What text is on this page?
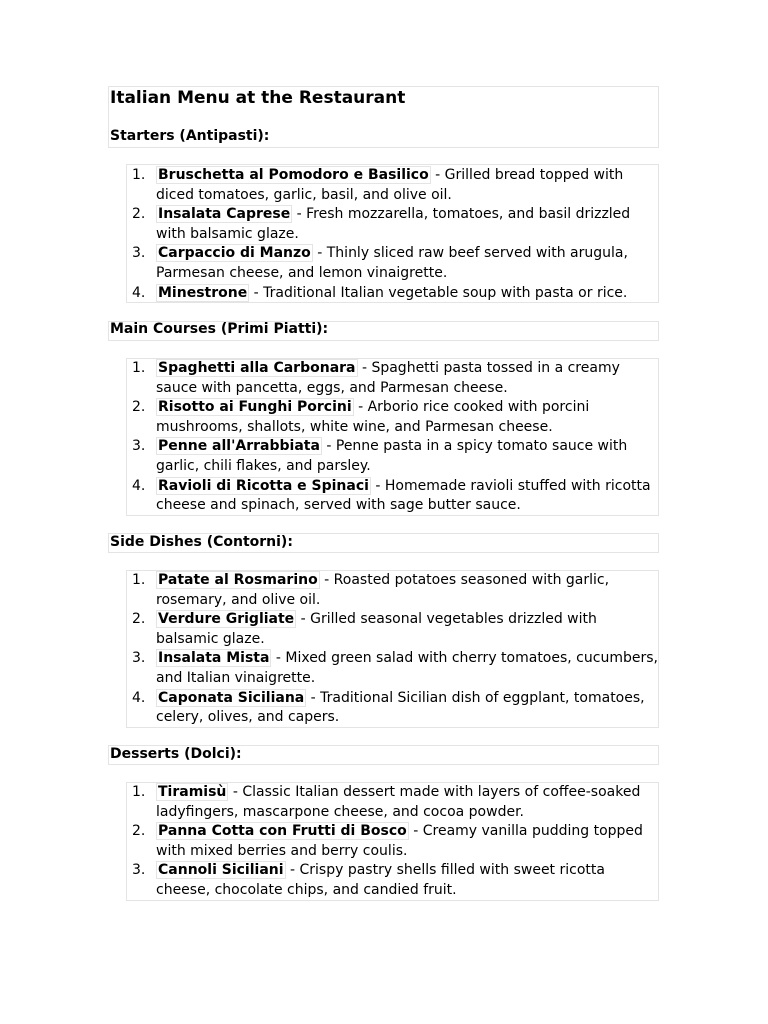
Italian Menu at the Restaurant
Starters (Antipasti):
1. Bruschetta al Pomodoro e Basilico - Grilled bread topped with diced tomatoes, garlic, basil, and olive oil.
2. Insalata Caprese - Fresh mozzarella, tomatoes, and basil drizzled with balsamic glaze.
3. Carpaccio di Manzo - Thinly sliced raw beef served with arugula, Parmesan cheese, and lemon vinaigrette.
4. Minestrone - Traditional Italian vegetable soup with pasta or rice.
Main Courses (Primi Piatti):
1. Spaghetti alla Carbonara - Spaghetti pasta tossed in a creamy sauce with pancetta, eggs, and Parmesan cheese.
2. Risotto ai Funghi Porcini - Arborio rice cooked with porcini mushrooms, shallots, white wine, and Parmesan cheese.
3. Penne all'Arrabbiata - Penne pasta in a spicy tomato sauce with garlic, chili flakes, and parsley.
4. Ravioli di Ricotta e Spinaci - Homemade ravioli stuffed with ricotta cheese and spinach, served with sage butter sauce.
Side Dishes (Contorni):
1. Patate al Rosmarino - Roasted potatoes seasoned with garlic, rosemary, and olive oil.
2. Verdure Grigliate - Grilled seasonal vegetables drizzled with balsamic glaze.
3. Insalata Mista - Mixed green salad with cherry tomatoes, cucumbers, and Italian vinaigrette.
4. Caponata Siciliana - Traditional Sicilian dish of eggplant, tomatoes, celery, olives, and capers.
Desserts (Dolci):
1. Tiramisù - Classic Italian dessert made with layers of coffee-soaked ladyfingers, mascarpone cheese, and cocoa powder.
2. Panna Cotta con Frutti di Bosco - Creamy vanilla pudding topped with mixed berries and berry coulis.
3. Cannoli Siciliani - Crispy pastry shells filled with sweet ricotta cheese, chocolate chips, and candied fruit.
